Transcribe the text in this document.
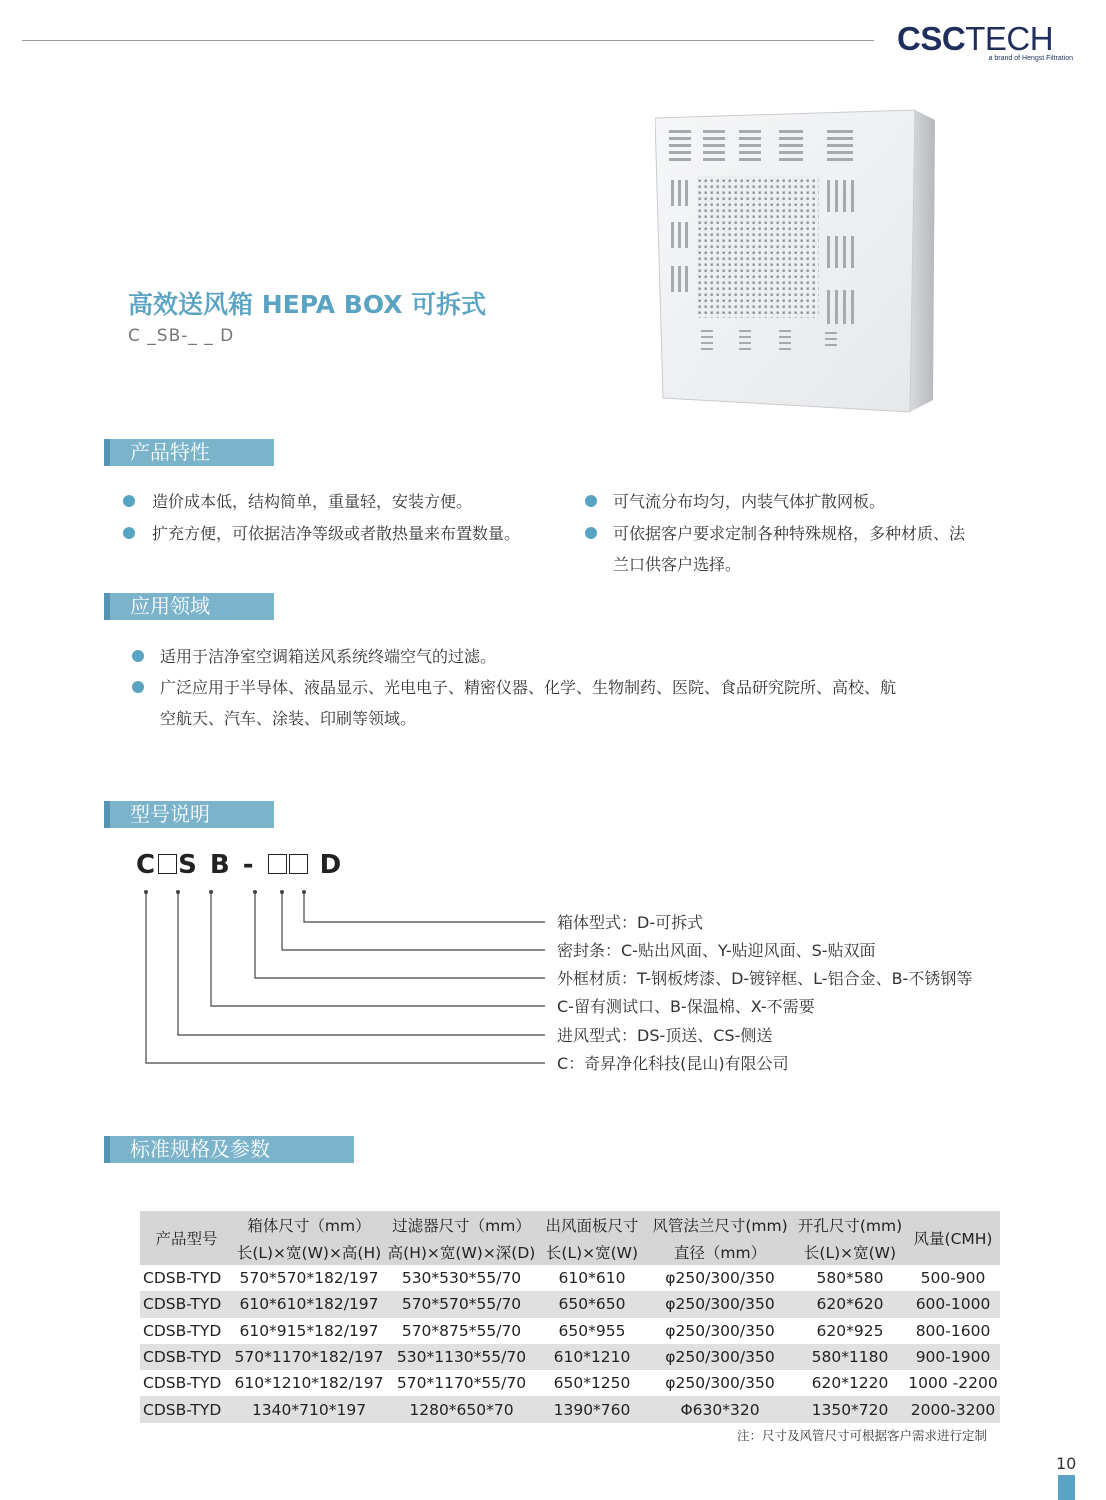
CSCTECH
a brand of Hengst Filtration
高效送风箱 HEPA BOX 可拆式
C _SB-_ _ D
产品特性
造价成本低，结构简单，重量轻，安装方便。
扩充方便，可依据洁净等级或者散热量来布置数量。
可气流分布均匀，内装气体扩散网板。
可依据客户要求定制各种特殊规格，多种材质、法
兰口供客户选择。
应用领域
适用于洁净室空调箱送风系统终端空气的过滤。
广泛应用于半导体、液晶显示、光电电子、精密仪器、化学、生物制药、医院、食品研究院所、高校、航
空航天、汽车、涂装、印刷等领域。
型号说明
C S B - D
箱体型式：D-可拆式
密封条：C-贴出风面、Y-贴迎风面、S-贴双面
外框材质：T-钢板烤漆、D-镀锌框、L-铝合金、B-不锈钢等
C-留有测试口、B-保温棉、X-不需要
进风型式：DS-顶送、CS-侧送
C：奇昇净化科技(昆山)有限公司
标准规格及参数
产品型号	箱体尺寸（mm）	过滤器尺寸（mm）	出风面板尺寸	风管法兰尺寸(mm)	开孔尺寸(mm)	风量(CMH)
	长(L)×宽(W)×高(H)	高(H)×宽(W)×深(D)	长(L)×宽(W)	直径（mm）	长(L)×宽(W)	
CDSB-TYD	570*570*182/197	530*530*55/70	610*610	φ250/300/350	580*580	500-900
CDSB-TYD	610*610*182/197	570*570*55/70	650*650	φ250/300/350	620*620	600-1000
CDSB-TYD	610*915*182/197	570*875*55/70	650*955	φ250/300/350	620*925	800-1600
CDSB-TYD	570*1170*182/197	530*1130*55/70	610*1210	φ250/300/350	580*1180	900-1900
CDSB-TYD	610*1210*182/197	570*1170*55/70	650*1250	φ250/300/350	620*1220	1000 -2200
CDSB-TYD	1340*710*197	1280*650*70	1390*760	Φ630*320	1350*720	2000-3200
注：尺寸及风管尺寸可根据客户需求进行定制
10
